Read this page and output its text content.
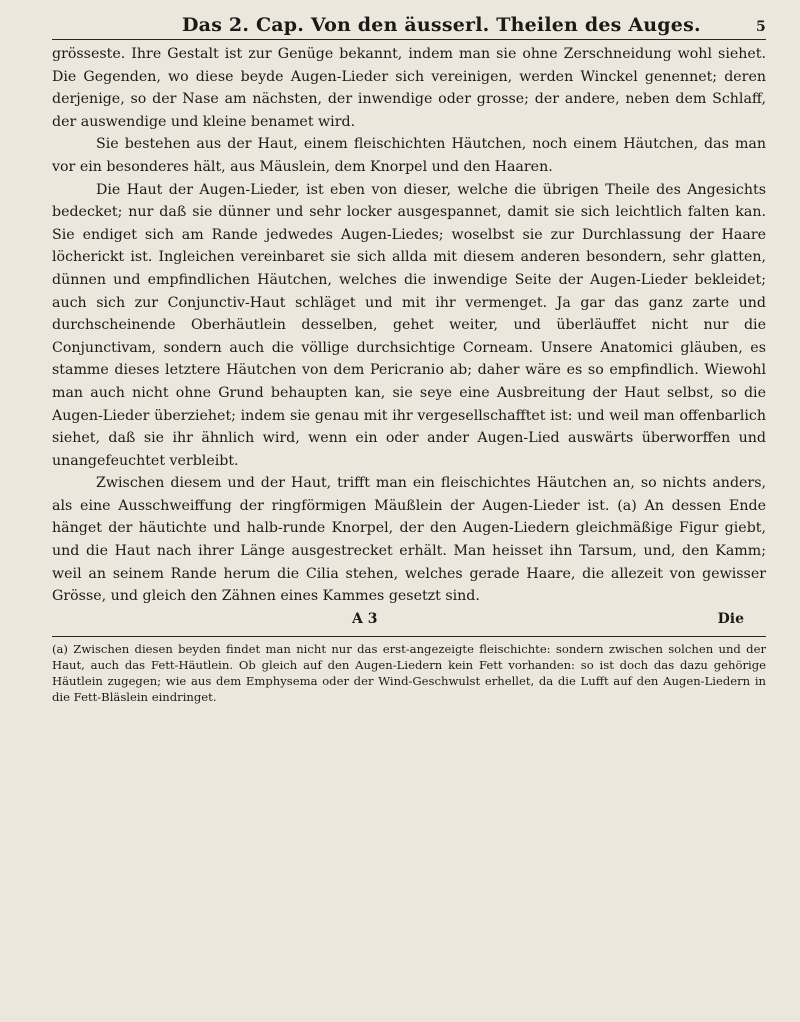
Das 2. Cap. Von den äusserl. Theilen des Auges.	5

grösseste. Ihre Gestalt ist zur Genüge bekannt, indem man sie ohne Zerschneidung wohl siehet. Die Gegenden, wo diese beyde Augen-Lieder sich vereinigen, werden Winckel genennet; deren derjenige, so der Nase am nächsten, der inwendige oder grosse; der andere, neben dem Schlaff, der auswendige und kleine benamet wird.

Sie bestehen aus der Haut, einem fleischichten Häutchen, noch einem Häutchen, das man vor ein besonderes hält, aus Mäuslein, dem Knorpel und den Haaren.

Die Haut der Augen-Lieder, ist eben von dieser, welche die übrigen Theile des Angesichts bedecket; nur daß sie dünner und sehr locker ausgespannet, damit sie sich leichtlich falten kan. Sie endiget sich am Rande jedwedes Augen-Liedes; woselbst sie zur Durchlassung der Haare löcherickt ist. Ingleichen vereinbaret sie sich allda mit diesem anderen besondern, sehr glatten, dünnen und empfindlichen Häutchen, welches die inwendige Seite der Augen-Lieder bekleidet; auch sich zur Conjunctiv-Haut schläget und mit ihr vermenget. Ja gar das ganz zarte und durchscheinende Oberhäutlein desselben, gehet weiter, und überläuffet nicht nur die Conjunctivam, sondern auch die völlige durchsichtige Corneam. Unsere Anatomici gläuben, es stamme dieses letztere Häutchen von dem Pericranio ab; daher wäre es so empfindlich. Wiewohl man auch nicht ohne Grund behaupten kan, sie seye eine Ausbreitung der Haut selbst, so die Augen-Lieder überziehet; indem sie genau mit ihr vergesellschafftet ist: und weil man offenbarlich siehet, daß sie ihr ähnlich wird, wenn ein oder ander Augen-Lied auswärts überworffen und unangefeuchtet verbleibt.

Zwischen diesem und der Haut, trifft man ein fleischichtes Häutchen an, so nichts anders, als eine Ausschweiffung der ringförmigen Mäußlein der Augen-Lieder ist. (a) An dessen Ende hänget der häutichte und halb-runde Knorpel, der den Augen-Liedern gleichmäßige Figur giebt, und die Haut nach ihrer Länge ausgestrecket erhält. Man heisset ihn Tarsum, und, den Kamm; weil an seinem Rande herum die Cilia stehen, welches gerade Haare, die allezeit von gewisser Grösse, und gleich den Zähnen eines Kammes gesetzt sind.

A 3	Die
(a) Zwischen diesen beyden findet man nicht nur das erst-angezeigte fleischichte: sondern zwischen solchen und der Haut, auch das Fett-Häutlein. Ob gleich auf den Augen-Liedern kein Fett vorhanden: so ist doch das dazu gehörige Häutlein zugegen; wie aus dem Emphysema oder der Wind-Geschwulst erhellet, da die Lufft auf den Augen-Liedern in die Fett-Bläslein eindringet.
